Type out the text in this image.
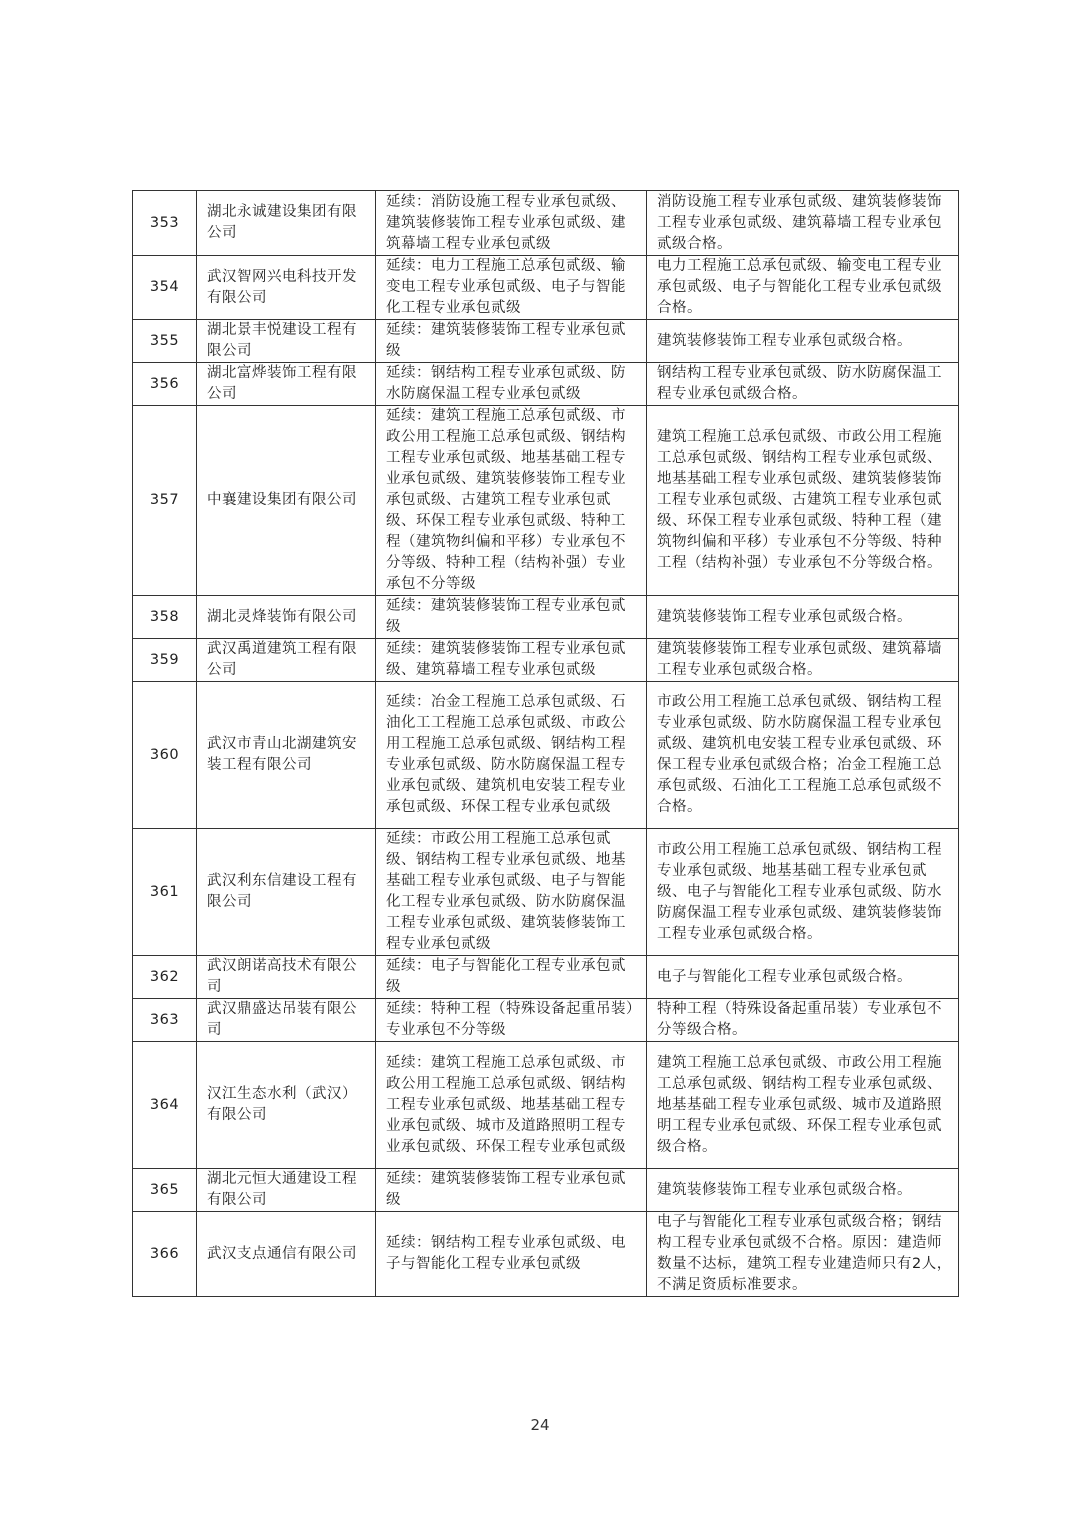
353	湖北永诚建设集团有限公司	延续：消防设施工程专业承包贰级、建筑装修装饰工程专业承包贰级、建筑幕墙工程专业承包贰级	消防设施工程专业承包贰级、建筑装修装饰工程专业承包贰级、建筑幕墙工程专业承包贰级合格。
354	武汉智网兴电科技开发有限公司	延续：电力工程施工总承包贰级、输变电工程专业承包贰级、电子与智能化工程专业承包贰级	电力工程施工总承包贰级、输变电工程专业承包贰级、电子与智能化工程专业承包贰级合格。
355	湖北景丰悦建设工程有限公司	延续：建筑装修装饰工程专业承包贰级	建筑装修装饰工程专业承包贰级合格。
356	湖北富烨装饰工程有限公司	延续：钢结构工程专业承包贰级、防水防腐保温工程专业承包贰级	钢结构工程专业承包贰级、防水防腐保温工程专业承包贰级合格。
357	中襄建设集团有限公司	延续：建筑工程施工总承包贰级、市政公用工程施工总承包贰级、钢结构工程专业承包贰级、地基基础工程专业承包贰级、建筑装修装饰工程专业承包贰级、古建筑工程专业承包贰级、环保工程专业承包贰级、特种工程（建筑物纠偏和平移）专业承包不分等级、特种工程（结构补强）专业承包不分等级	建筑工程施工总承包贰级、市政公用工程施工总承包贰级、钢结构工程专业承包贰级、地基基础工程专业承包贰级、建筑装修装饰工程专业承包贰级、古建筑工程专业承包贰级、环保工程专业承包贰级、特种工程（建筑物纠偏和平移）专业承包不分等级、特种工程（结构补强）专业承包不分等级合格。
358	湖北灵烽装饰有限公司	延续：建筑装修装饰工程专业承包贰级	建筑装修装饰工程专业承包贰级合格。
359	武汉禹道建筑工程有限公司	延续：建筑装修装饰工程专业承包贰级、建筑幕墙工程专业承包贰级	建筑装修装饰工程专业承包贰级、建筑幕墙工程专业承包贰级合格。
360	武汉市青山北湖建筑安装工程有限公司	延续：冶金工程施工总承包贰级、石油化工工程施工总承包贰级、市政公用工程施工总承包贰级、钢结构工程专业承包贰级、防水防腐保温工程专业承包贰级、建筑机电安装工程专业承包贰级、环保工程专业承包贰级	市政公用工程施工总承包贰级、钢结构工程专业承包贰级、防水防腐保温工程专业承包贰级、建筑机电安装工程专业承包贰级、环保工程专业承包贰级合格；冶金工程施工总承包贰级、石油化工工程施工总承包贰级不合格。
361	武汉利东信建设工程有限公司	延续：市政公用工程施工总承包贰级、钢结构工程专业承包贰级、地基基础工程专业承包贰级、电子与智能化工程专业承包贰级、防水防腐保温工程专业承包贰级、建筑装修装饰工程专业承包贰级	市政公用工程施工总承包贰级、钢结构工程专业承包贰级、地基基础工程专业承包贰级、电子与智能化工程专业承包贰级、防水防腐保温工程专业承包贰级、建筑装修装饰工程专业承包贰级合格。
362	武汉朗诺高技术有限公司	延续：电子与智能化工程专业承包贰级	电子与智能化工程专业承包贰级合格。
363	武汉鼎盛达吊装有限公司	延续：特种工程（特殊设备起重吊装）专业承包不分等级	特种工程（特殊设备起重吊装）专业承包不分等级合格。
364	汉江生态水利（武汉）有限公司	延续：建筑工程施工总承包贰级、市政公用工程施工总承包贰级、钢结构工程专业承包贰级、地基基础工程专业承包贰级、城市及道路照明工程专业承包贰级、环保工程专业承包贰级	建筑工程施工总承包贰级、市政公用工程施工总承包贰级、钢结构工程专业承包贰级、地基基础工程专业承包贰级、城市及道路照明工程专业承包贰级、环保工程专业承包贰级合格。
365	湖北元恒大通建设工程有限公司	延续：建筑装修装饰工程专业承包贰级	建筑装修装饰工程专业承包贰级合格。
366	武汉支点通信有限公司	延续：钢结构工程专业承包贰级、电子与智能化工程专业承包贰级	电子与智能化工程专业承包贰级合格；钢结构工程专业承包贰级不合格。原因：建造师数量不达标，建筑工程专业建造师只有2人，不满足资质标准要求。
24
